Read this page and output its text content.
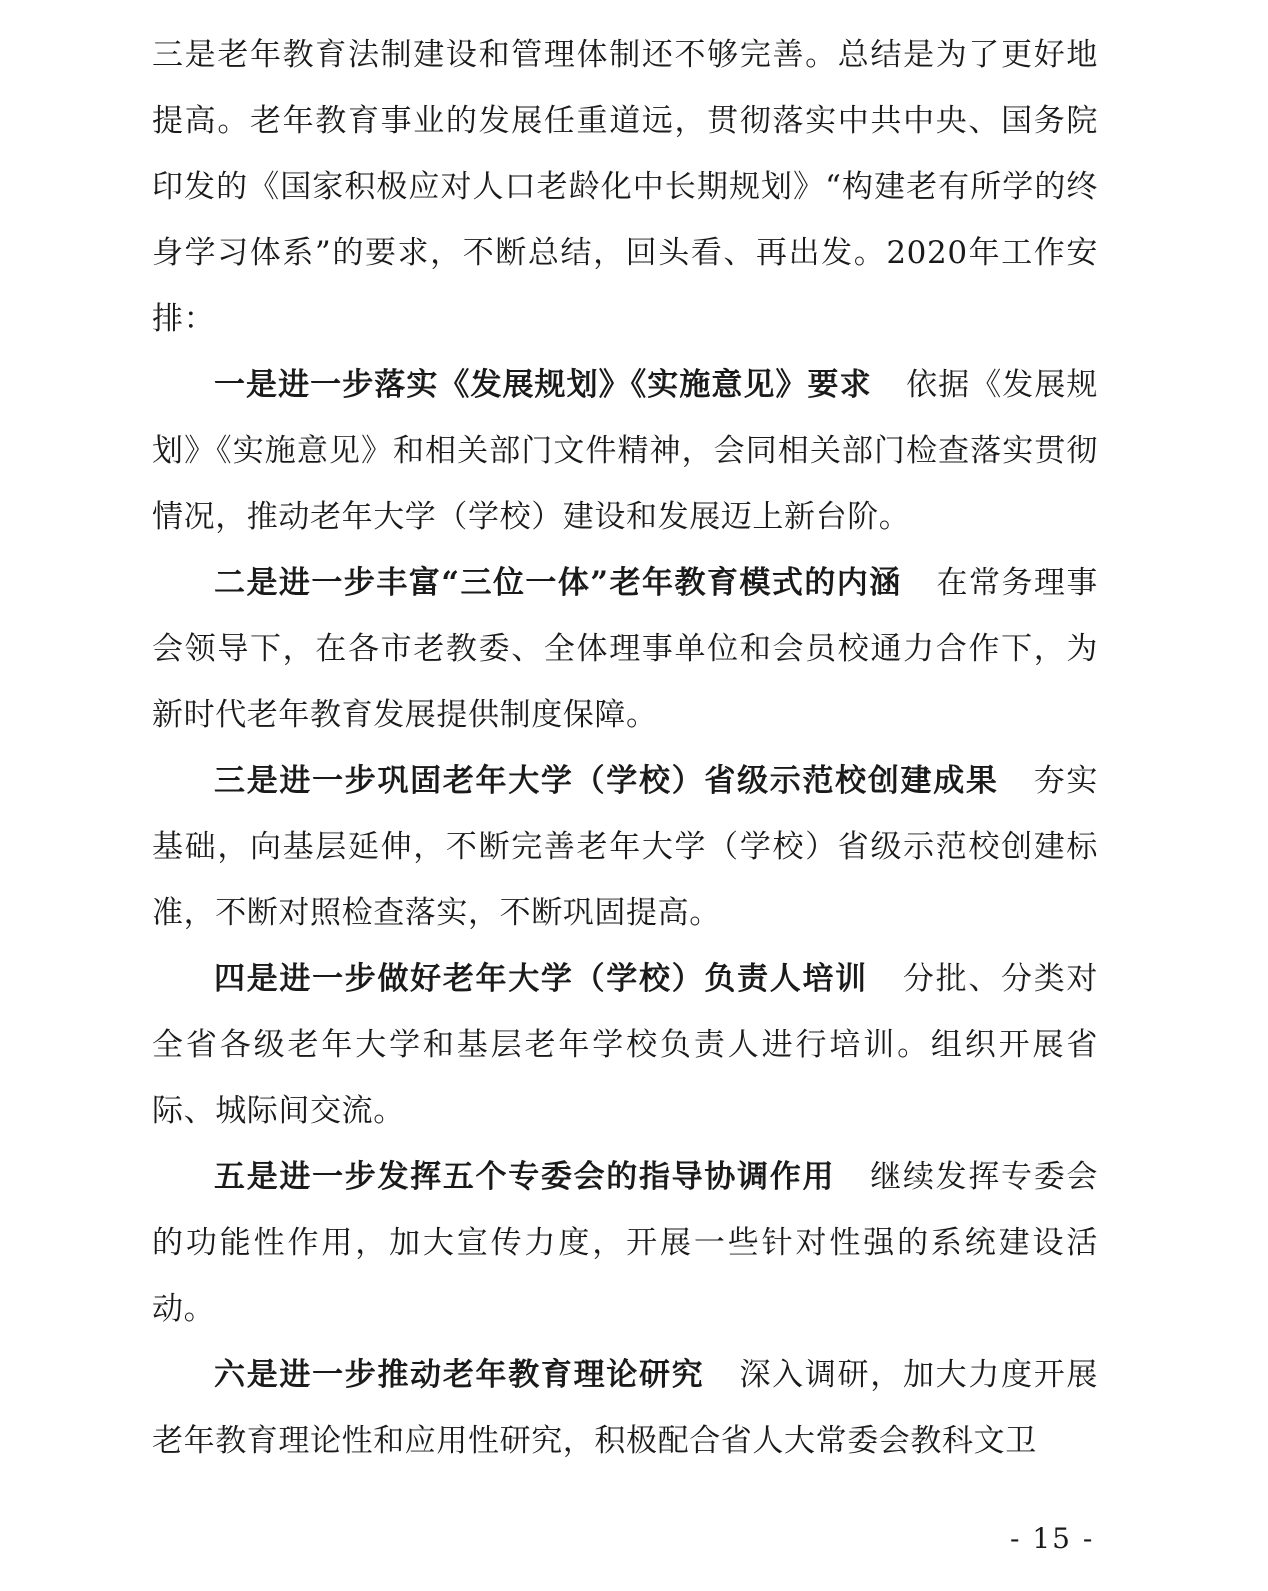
三是老年教育法制建设和管理体制还不够完善。总结是为了更好地提高。老年教育事业的发展任重道远，贯彻落实中共中央、国务院印发的《国家积极应对人口老龄化中长期规划》“构建老有所学的终身学习体系”的要求，不断总结，回头看、再出发。2020年工作安排：

一是进一步落实《发展规划》《实施意见》要求 依据《发展规划》《实施意见》和相关部门文件精神，会同相关部门检查落实贯彻情况，推动老年大学（学校）建设和发展迈上新台阶。

二是进一步丰富“三位一体”老年教育模式的内涵 在常务理事会领导下，在各市老教委、全体理事单位和会员校通力合作下，为新时代老年教育发展提供制度保障。

三是进一步巩固老年大学（学校）省级示范校创建成果 夯实基础，向基层延伸，不断完善老年大学（学校）省级示范校创建标准，不断对照检查落实，不断巩固提高。

四是进一步做好老年大学（学校）负责人培训 分批、分类对全省各级老年大学和基层老年学校负责人进行培训。组织开展省际、城际间交流。

五是进一步发挥五个专委会的指导协调作用 继续发挥专委会的功能性作用，加大宣传力度，开展一些针对性强的系统建设活动。

六是进一步推动老年教育理论研究 深入调研，加大力度开展老年教育理论性和应用性研究，积极配合省人大常委会教科文卫

- 15 -
